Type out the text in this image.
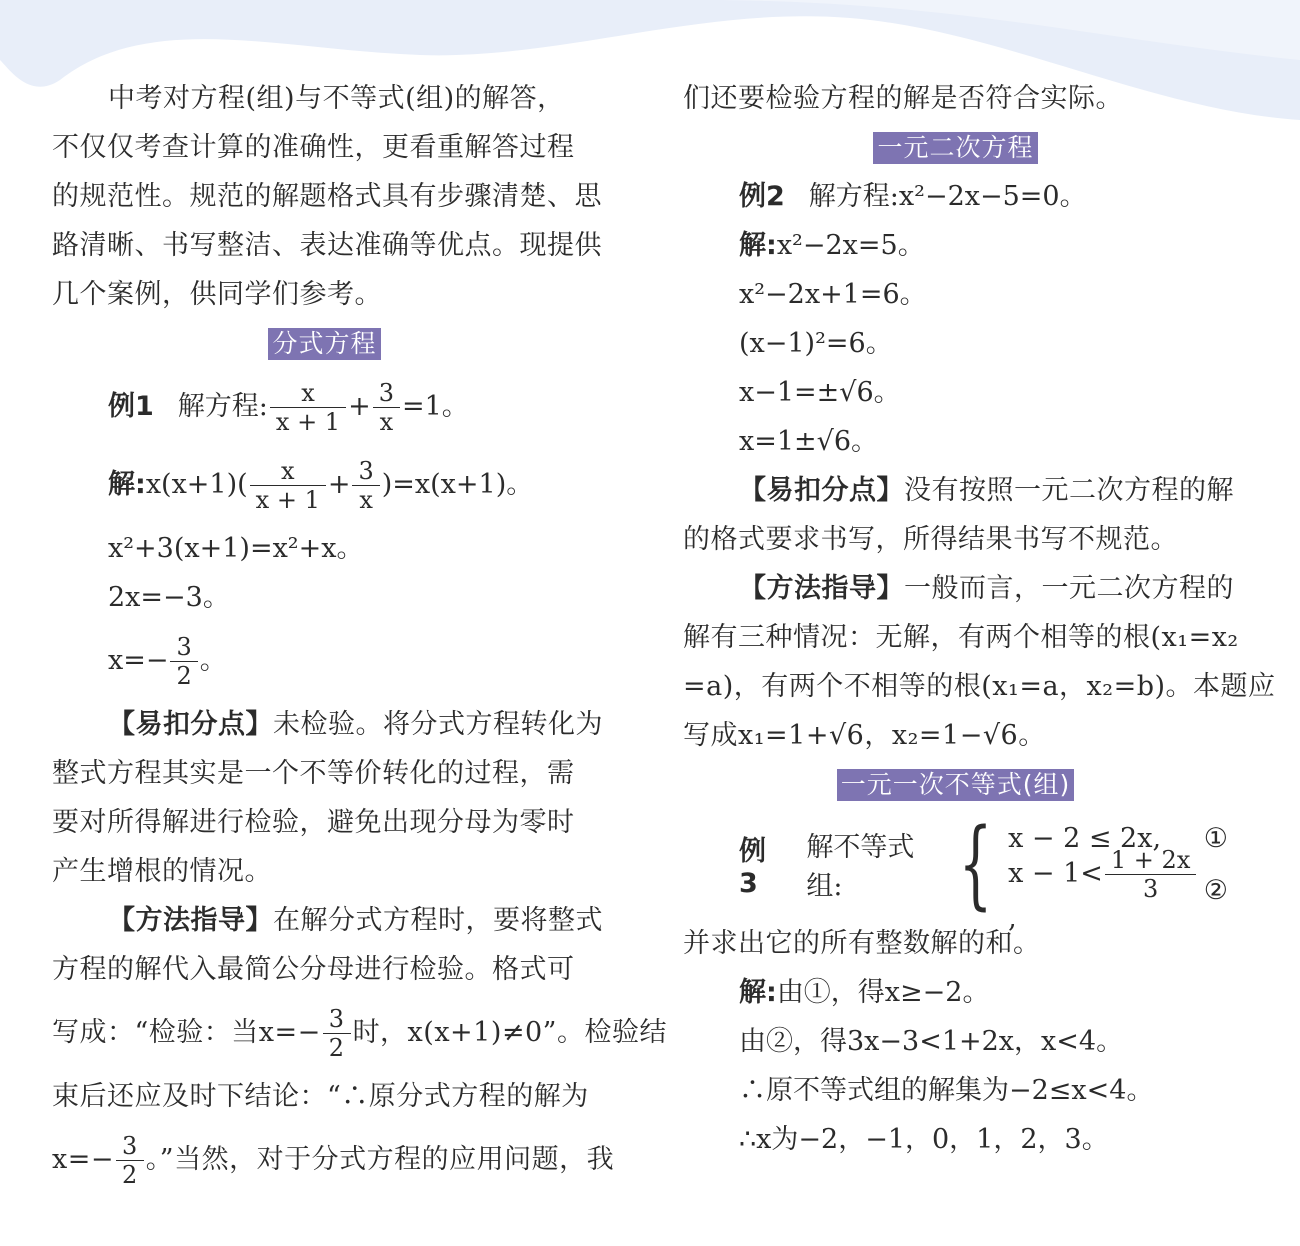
中考对方程(组)与不等式(组)的解答，
不仅仅考查计算的准确性，更看重解答过程
的规范性。规范的解题格式具有步骤清楚、思
路清晰、书写整洁、表达准确等优点。现提供
几个案例，供同学们参考。
分式方程
例1 解方程: $\frac{x}{x + 1} + \frac{3}{x} =1$。
解:x(x+1)( $\frac{x}{x + 1} + \frac{3}{x} )=x(x+1)$。
x²+3(x+1)=x²+x。
2x=−3。
$x=- \frac{3}{2}$ 。
【易扣分点】未检验。将分式方程转化为
整式方程其实是一个不等价转化的过程，需
要对所得解进行检验，避免出现分母为零时
产生增根的情况。
【方法指导】在解分式方程时，要将整式
方程的解代入最简公分母进行检验。格式可
写成：“检验：当$x=- \frac{3}{2}$ 时，x(x+1)≠0”。检验结
束后还应及时下结论：“∴原分式方程的解为
$x=- \frac{3}{2}$ 。”当然，对于分式方程的应用问题，我
们还要检验方程的解是否符合实际。
一元二次方程
例2 解方程:x²−2x−5=0。
解:x²−2x=5。
x²−2x+1=6。
(x−1)²=6。
x−1=±√6。
x=1±√6。
【易扣分点】没有按照一元二次方程的解
的格式要求书写，所得结果书写不规范。
【方法指导】一般而言，一元二次方程的
解有三种情况：无解，有两个相等的根(x₁=x₂
=a)，有两个不相等的根(x₁=a，x₂=b)。本题应
写成x₁=1+√6，x₂=1−√6。
一元一次不等式(组)
例3
解不等式组:	{ x − 2 ≤ 2x, ①
$x - 1< \frac{1 + 2x}{3}$
,
②
并求出它的所有整数解的和。
解:由①，得x≥−2。
由②，得3x−3<1+2x，x<4。
∴原不等式组的解集为−2≤x<4。
∴x为−2，−1，0，1，2，3。
